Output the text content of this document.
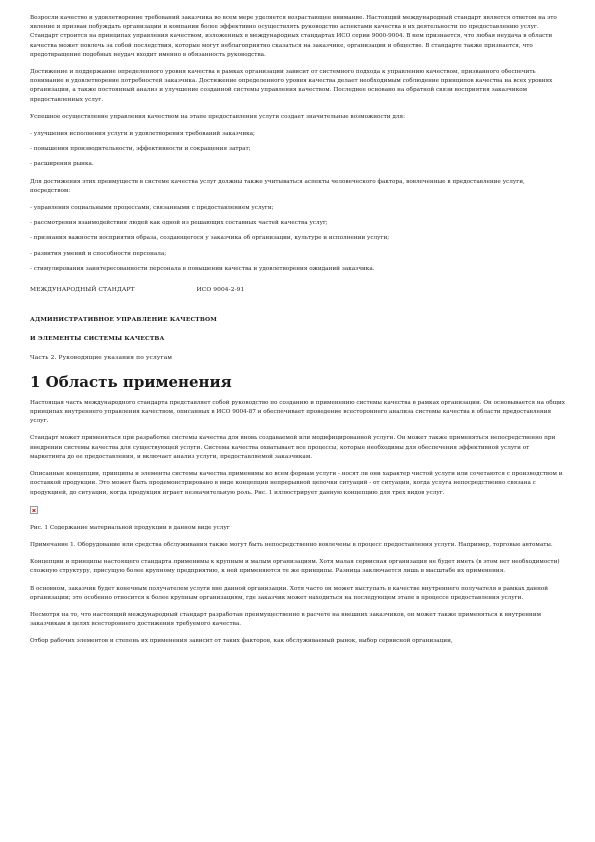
Возросли качество и удовлетворение требований заказчика во всем мере уделяется возрастающее внимание. Настоящий международный стандарт является ответом на это явление и призван побуждать организации и компании более эффективно осуществлять руководство аспектами качества в их деятельности по предоставлению услуг. Стандарт строится на принципах управления качеством, изложенных в международных стандартах ИСО серии 9000-9004. В нем признается, что любая неудача в области качества может повлечь за собой последствия, которые могут неблагоприятно сказаться на заказчике, организации и обществе. В стандарте также признается, что предотвращение подобных неудач входит именно в обязанность руководства.

Достижение и поддержание определенного уровня качества в рамках организации зависит от системного подхода к управлению качеством, призванного обеспечить понимание и удовлетворение потребностей заказчика. Достижение определенного уровня качества делает необходимым соблюдение принципов качества на всех уровнях организации, а также постоянный анализ и улучшение созданной системы управления качеством. Последнее основано на обратной связи восприятия заказчиком предоставленных услуг.

Успешное осуществление управления качеством на этапе предоставления услуги создает значительные возможности для:

- улучшения исполнения услуги и удовлетворения требований заказчика;

- повышения производительности, эффективности и сокращения затрат;

- расширения рынка.

Для достижения этих преимуществ в системе качества услуг должны также учитываться аспекты человеческого фактора, вовлеченные в предоставление услуги, посредством:

- управления социальными процессами, связанными с предоставлением услуги;

- рассмотрения взаимодействия людей как одной из решающих составных частей качества услуг;

- признания важности восприятия образа, создающегося у заказчика об организации, культуре и исполнении услуги;

- развития умений и способности персонала;

- стимулирования заинтересованности персонала в повышении качества и удовлетворения ожиданий заказчика.

МЕЖДУНАРОДНЫЙ СТАНДАРТ	ИСО 9004-2-91

АДМИНИСТРАТИВНОЕ УПРАВЛЕНИЕ КАЧЕСТВОМ

И ЭЛЕМЕНТЫ СИСТЕМЫ КАЧЕСТВА

Часть 2. Руководящие указания по услугам

1 Область применения

Настоящая часть международного стандарта представляет собой руководство по созданию и применению системы качества в рамках организации. Он основывается на общих принципах внутреннего управления качеством, описанных в ИСО 9004-87 и обеспечивает проведение всестороннего анализа системы качества в области предоставления услуг.

Стандарт может применяться при разработке системы качества для вновь создаваемой или модифицированной услуги. Он может также применяться непосредственно при внедрении системы качества для существующей услуги. Система качества охватывает все процессы, которые необходимы для обеспечения эффективной услуги от маркетинга до ее предоставления, и включает анализ услуги, предоставляемой заказчикам.

Описанные концепции, принципы и элементы системы качества применимы ко всем формам услуги - носят ли они характер чистой услуги или сочетаются с производством и поставкой продукции. Это может быть продемонстрировано в виде концепции непрерывной цепочки ситуаций - от ситуации, когда услуга непосредственно связана с продукцией, до ситуации, когда продукция играет незначительную роль. Рис. 1 иллюстрирует данную концепцию для трех видов услуг.

Рис. 1 Содержание материальной продукции в данном виде услуг

Примечание 1. Оборудование или средства обслуживания также могут быть непосредственно вовлечены в процесс предоставления услуги. Например, торговые автоматы.

Концепции и принципы настоящего стандарта применимы к крупным и малым организациям. Хотя малая сервисная организация не будет иметь (в этом нет необходимости) сложную структуру, присущую более крупному предприятию, к ней применяются те же принципы. Разница заключается лишь в масштабе их применения.

В основном, заказчик будет конечным получателем услуги вне данной организации. Хотя часто он может выступать в качестве внутреннего получателя в рамках данной организации; это особенно относится к более крупным организациям, где заказчик может находиться на последующем этапе в процессе предоставления услуги.

Несмотря на то, что настоящий международный стандарт разработан преимущественно в расчете на внешних заказчиков, он может также применяться к внутренним заказчикам в целях всестороннего достижения требуемого качества.

Отбор рабочих элементов и степень их применения зависит от таких факторов, как обслуживаемый рынок, выбор сервисной организации,
